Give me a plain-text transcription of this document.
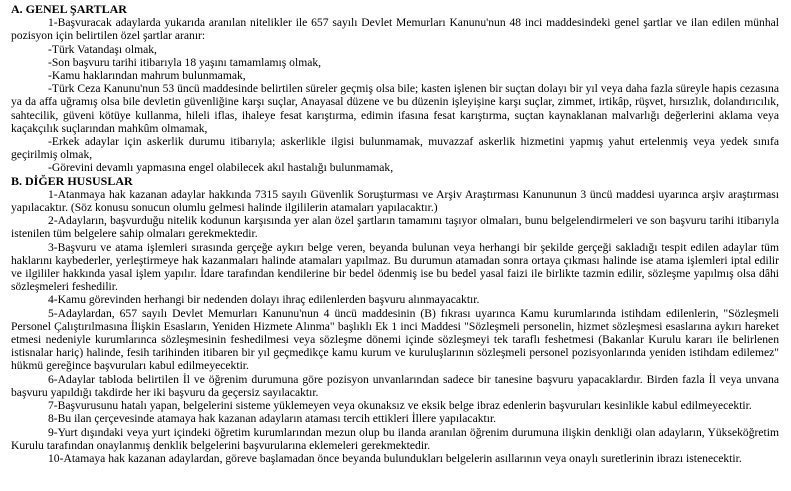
A. GENEL ŞARTLAR
1-Başvuracak adaylarda yukarıda aranılan nitelikler ile 657 sayılı Devlet Memurları Kanunu'nun 48 inci maddesindeki genel şartlar ve ilan edilen münhal pozisyon için belirtilen özel şartlar aranır:
-Türk Vatandaşı olmak,
-Son başvuru tarihi itibarıyla 18 yaşını tamamlamış olmak,
-Kamu haklarından mahrum bulunmamak,
-Türk Ceza Kanunu'nun 53 üncü maddesinde belirtilen süreler geçmiş olsa bile; kasten işlenen bir suçtan dolayı bir yıl veya daha fazla süreyle hapis cezasına ya da affa uğramış olsa bile devletin güvenliğine karşı suçlar, Anayasal düzene ve bu düzenin işleyişine karşı suçlar, zimmet, irtikâp, rüşvet, hırsızlık, dolandırıcılık, sahtecilik, güveni kötüye kullanma, hileli iflas, ihaleye fesat karıştırma, edimin ifasına fesat karıştırma, suçtan kaynaklanan malvarlığı değerlerini aklama veya kaçakçılık suçlarından mahkûm olmamak,
-Erkek adaylar için askerlik durumu itibarıyla; askerlikle ilgisi bulunmamak, muvazzaf askerlik hizmetini yapmış yahut ertelenmiş veya yedek sınıfa geçirilmiş olmak,
-Görevini devamlı yapmasına engel olabilecek akıl hastalığı bulunmamak,
B. DİĞER HUSUSLAR
1-Atanmaya hak kazanan adaylar hakkında 7315 sayılı Güvenlik Soruşturması ve Arşiv Araştırması Kanununun 3 üncü maddesi uyarınca arşiv araştırması yapılacaktır. (Söz konusu sonucun olumlu gelmesi halinde ilgililerin atamaları yapılacaktır.)
2-Adayların, başvurduğu nitelik kodunun karşısında yer alan özel şartların tamamını taşıyor olmaları, bunu belgelendirmeleri ve son başvuru tarihi itibarıyla istenilen tüm belgelere sahip olmaları gerekmektedir.
3-Başvuru ve atama işlemleri sırasında gerçeğe aykırı belge veren, beyanda bulunan veya herhangi bir şekilde gerçeği sakladığı tespit edilen adaylar tüm haklarını kaybederler, yerleştirmeye hak kazanmaları halinde atamaları yapılmaz. Bu durumun atamadan sonra ortaya çıkması halinde ise atama işlemleri iptal edilir ve ilgililer hakkında yasal işlem yapılır. İdare tarafından kendilerine bir bedel ödenmiş ise bu bedel yasal faizi ile birlikte tazmin edilir, sözleşme yapılmış olsa dâhi sözleşmeleri feshedilir.
4-Kamu görevinden herhangi bir nedenden dolayı ihraç edilenlerden başvuru alınmayacaktır.
5-Adaylardan, 657 sayılı Devlet Memurları Kanunu'nun 4 üncü maddesinin (B) fıkrası uyarınca Kamu kurumlarında istihdam edilenlerin, "Sözleşmeli Personel Çalıştırılmasına İlişkin Esasların, Yeniden Hizmete Alınma" başlıklı Ek 1 inci Maddesi "Sözleşmeli personelin, hizmet sözleşmesi esaslarına aykırı hareket etmesi nedeniyle kurumlarınca sözleşmesinin feshedilmesi veya sözleşme dönemi içinde sözleşmeyi tek taraflı feshetmesi (Bakanlar Kurulu kararı ile belirlenen istisnalar hariç) halinde, fesih tarihinden itibaren bir yıl geçmedikçe kamu kurum ve kuruluşlarının sözleşmeli personel pozisyonlarında yeniden istihdam edilemez" hükmü gereğince başvuruları kabul edilmeyecektir.
6-Adaylar tabloda belirtilen İl ve öğrenim durumuna göre pozisyon unvanlarından sadece bir tanesine başvuru yapacaklardır. Birden fazla İl veya unvana başvuru yapıldığı takdirde her iki başvuru da geçersiz sayılacaktır.
7-Başvurusunu hatalı yapan, belgelerini sisteme yüklemeyen veya okunaksız ve eksik belge ibraz edenlerin başvuruları kesinlikle kabul edilmeyecektir.
8-Bu ilan çerçevesinde atamaya hak kazanan adayların ataması tercih ettikleri İllere yapılacaktır.
9-Yurt dışındaki veya yurt içindeki öğretim kurumlarından mezun olup bu ilanda aranılan öğrenim durumuna ilişkin denkliği olan adayların, Yükseköğretim Kurulu tarafından onaylanmış denklik belgelerini başvurularına eklemeleri gerekmektedir.
10-Atamaya hak kazanan adaylardan, göreve başlamadan önce beyanda bulundukları belgelerin asıllarının veya onaylı suretlerinin ibrazı istenecektir.
